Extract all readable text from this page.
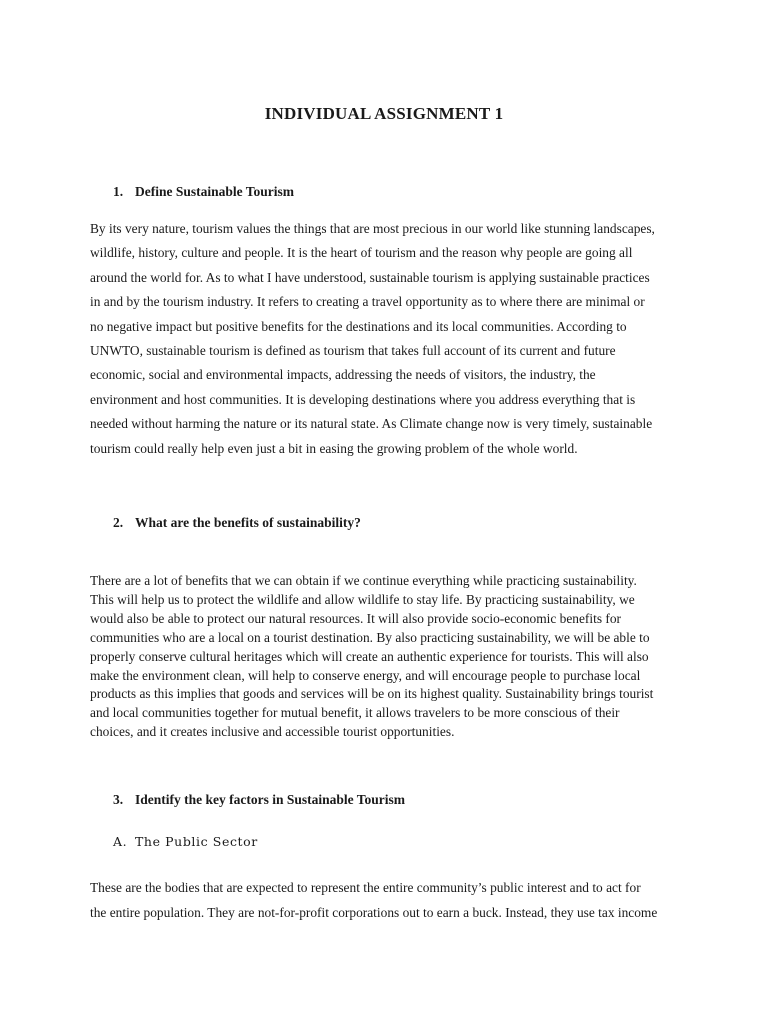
INDIVIDUAL ASSIGNMENT 1
1. Define Sustainable Tourism
By its very nature, tourism values the things that are most precious in our world like stunning landscapes,
wildlife, history, culture and people. It is the heart of tourism and the reason why people are going all
around the world for. As to what I have understood, sustainable tourism is applying sustainable practices
in and by the tourism industry. It refers to creating a travel opportunity as to where there are minimal or
no negative impact but positive benefits for the destinations and its local communities. According to
UNWTO, sustainable tourism is defined as tourism that takes full account of its current and future
economic, social and environmental impacts, addressing the needs of visitors, the industry, the
environment and host communities. It is developing destinations where you address everything that is
needed without harming the nature or its natural state. As Climate change now is very timely, sustainable
tourism could really help even just a bit in easing the growing problem of the whole world.
2. What are the benefits of sustainability?
There are a lot of benefits that we can obtain if we continue everything while practicing sustainability.
This will help us to protect the wildlife and allow wildlife to stay life. By practicing sustainability, we
would also be able to protect our natural resources. It will also provide socio-economic benefits for
communities who are a local on a tourist destination. By also practicing sustainability, we will be able to
properly conserve cultural heritages which will create an authentic experience for tourists. This will also
make the environment clean, will help to conserve energy, and will encourage people to purchase local
products as this implies that goods and services will be on its highest quality. Sustainability brings tourist
and local communities together for mutual benefit, it allows travelers to be more conscious of their
choices, and it creates inclusive and accessible tourist opportunities.
3. Identify the key factors in Sustainable Tourism
A. The Public Sector
These are the bodies that are expected to represent the entire community’s public interest and to act for
the entire population. They are not-for-profit corporations out to earn a buck. Instead, they use tax income
